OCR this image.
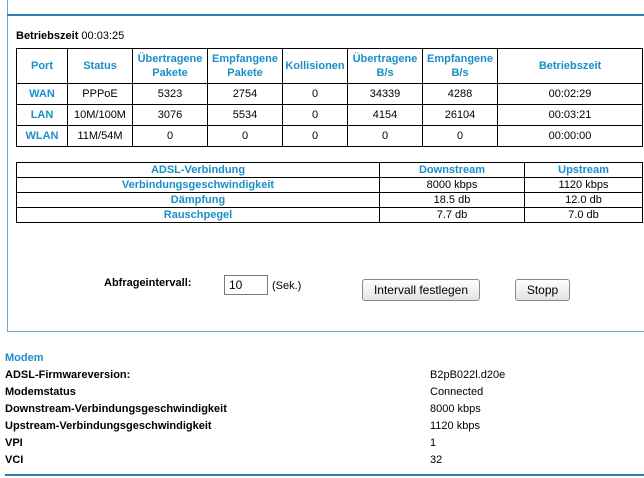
Betriebszeit 00:03:25
Port	Status	Übertragene Pakete	Empfangene Pakete	Kollisionen	Übertragene B/s	Empfangene B/s	Betriebszeit
WAN	PPPoE	5323	2754	0	34339	4288	00:02:29
LAN	10M/100M	3076	5534	0	4154	26104	00:03:21
WLAN	11M/54M	0	0	0	0	0	00:00:00
ADSL-Verbindung	Downstream	Upstream
Verbindungsgeschwindigkeit	8000 kbps	1120 kbps
Dämpfung	18.5 db	12.0 db
Rauschpegel	7.7 db	7.0 db
Abfrageintervall:
10	(Sek.)	Intervall festlegen	Stopp
Modem
ADSL-Firmwareversion:	B2pB022l.d20e
Modemstatus	Connected
Downstream-Verbindungsgeschwindigkeit	8000 kbps
Upstream-Verbindungsgeschwindigkeit	1120 kbps
VPI	1
VCI	32
